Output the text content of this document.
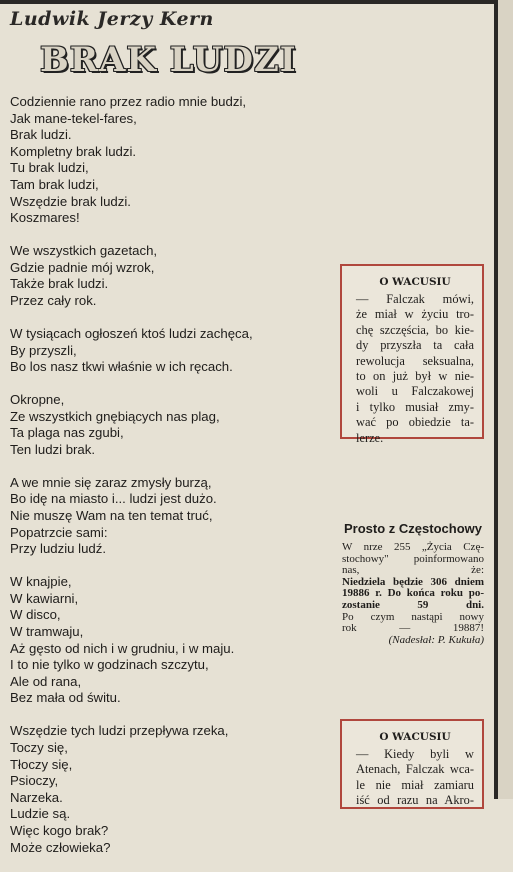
Ludwik Jerzy Kern
BRAK LUDZI
Codziennie rano przez radio mnie budzi,
Jak mane-tekel-fares,
Brak ludzi.
Kompletny brak ludzi.
Tu brak ludzi,
Tam brak ludzi,
Wszędzie brak ludzi.
Koszmares!
We wszystkich gazetach,
Gdzie padnie mój wzrok,
Także brak ludzi.
Przez cały rok.
W tysiącach ogłoszeń ktoś ludzi zachęca,
By przyszli,
Bo los nasz tkwi właśnie w ich ręcach.
Okropne,
Ze wszystkich gnębiących nas plag,
Ta plaga nas zgubi,
Ten ludzi brak.
A we mnie się zaraz zmysły burzą,
Bo idę na miasto i... ludzi jest dużo.
Nie muszę Wam na ten temat truć,
Popatrzcie sami:
Przy ludziu ludź.
W knajpie,
W kawiarni,
W disco,
W tramwaju,
Aż gęsto od nich i w grudniu, i w maju.
I to nie tylko w godzinach szczytu,
Ale od rana,
Bez mała od świtu.
Wszędzie tych ludzi przepływa rzeka,
Toczy się,
Tłoczy się,
Psioczy,
Narzeka.
Ludzie są.
Więc kogo brak?
Może człowieka?
O WACUSIU

— Falczak mówi,
że miał w życiu tro-
chę szczęścia, bo kie-
dy przyszła ta cała
rewolucja seksualna,
to on już był w nie-
woli u Falczakowej
i tylko musiał zmy-
wać po obiedzie ta-
lerze.

Prosto z Częstochowy

W nrze 255 „Życia Czę-
stochowy" poinformowano
nas, że:
Niedziela będzie 306 dniem
19886 r. Do końca roku po-
zostanie 59 dni.
Po czym nastąpi nowy
rok — 19887!
(Nadesłał: P. Kukuła)

O WACUSIU

— Kiedy byli w
Atenach, Falczak wca-
le nie miał zamiaru
iść od razu na Akro-
